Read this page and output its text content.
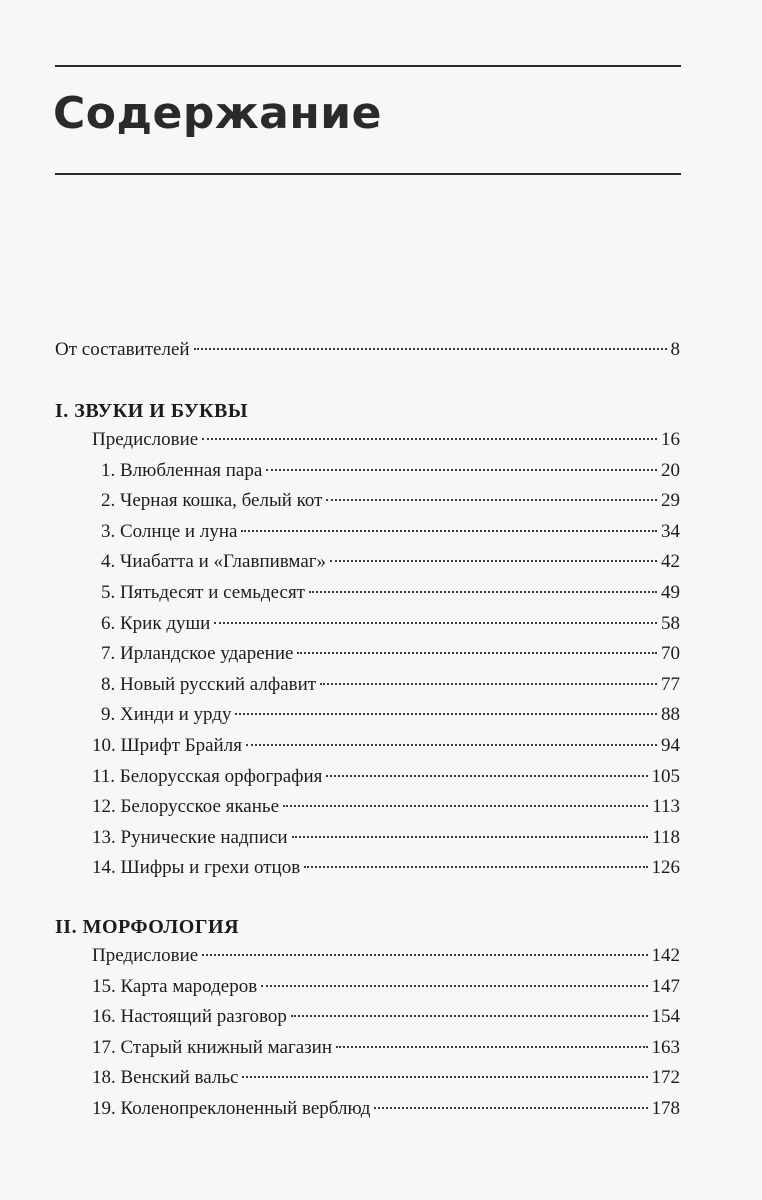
Содержание
От составителей	8
I. ЗВУКИ И БУКВЫ
Предисловие	16
1. Влюбленная пара	20
2. Черная кошка, белый кот	29
3. Солнце и луна	34
4. Чиабатта и «Главпивмаг»	42
5. Пятьдесят и семьдесят	49
6. Крик души	58
7. Ирландское ударение	70
8. Новый русский алфавит	77
9. Хинди и урду	88
10. Шрифт Брайля	94
11. Белорусская орфография	105
12. Белорусское яканье	113
13. Рунические надписи	118
14. Шифры и грехи отцов	126
II. МОРФОЛОГИЯ
Предисловие	142
15. Карта мародеров	147
16. Настоящий разговор	154
17. Старый книжный магазин	163
18. Венский вальс	172
19. Коленопреклоненный верблюд	178
